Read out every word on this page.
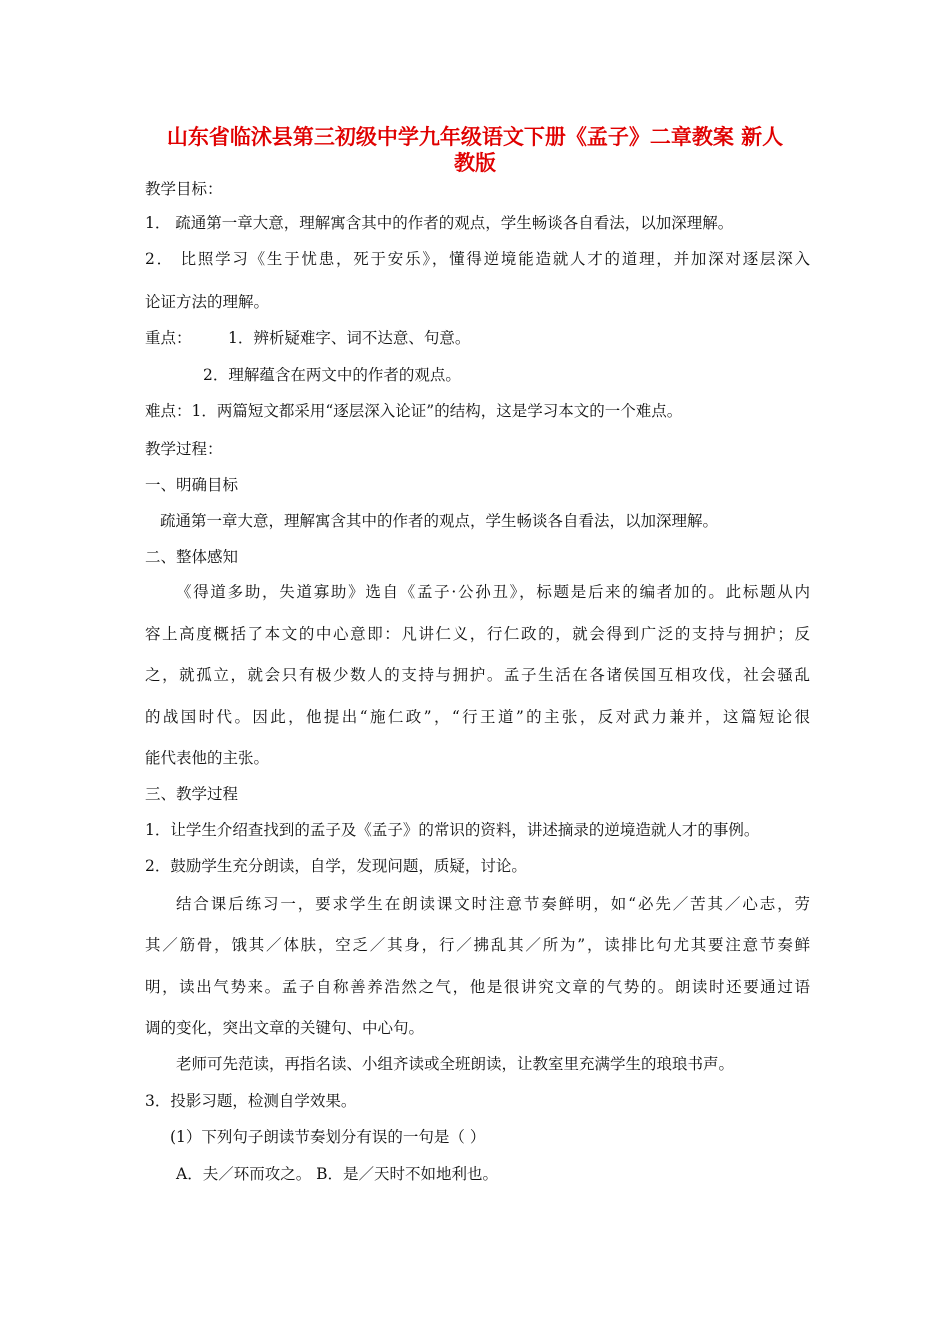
山东省临沭县第三初级中学九年级语文下册《孟子》二章教案 新人
教版
教学目标：
1． 疏通第一章大意，理解寓含其中的作者的观点，学生畅谈各自看法，以加深理解。
2． 比照学习《生于忧患，死于安乐》，懂得逆境能造就人才的道理，并加深对逐层深入
论证方法的理解。
重点：	1．辨析疑难字、词不达意、句意。
2．理解蕴含在两文中的作者的观点。
难点：1．两篇短文都采用“逐层深入论证”的结构，这是学习本文的一个难点。
教学过程：
一、明确目标
疏通第一章大意，理解寓含其中的作者的观点，学生畅谈各自看法，以加深理解。
二、整体感知
《得道多助，失道寡助》选自《孟子·公孙丑》，标题是后来的编者加的。此标题从内
容上高度概括了本文的中心意即：凡讲仁义，行仁政的，就会得到广泛的支持与拥护；反
之，就孤立，就会只有极少数人的支持与拥护。孟子生活在各诸侯国互相攻伐，社会骚乱
的战国时代。因此，他提出“施仁政”，“行王道”的主张，反对武力兼并，这篇短论很
能代表他的主张。
三、教学过程
1．让学生介绍查找到的孟子及《孟子》的常识的资料，讲述摘录的逆境造就人才的事例。
2．鼓励学生充分朗读，自学，发现问题，质疑，讨论。
结合课后练习一，要求学生在朗读课文时注意节奏鲜明，如“必先／苦其／心志，劳
其／筋骨，饿其／体肤，空乏／其身，行／拂乱其／所为”，读排比句尤其要注意节奏鲜
明，读出气势来。孟子自称善养浩然之气，他是很讲究文章的气势的。朗读时还要通过语
调的变化，突出文章的关键句、中心句。
老师可先范读，再指名读、小组齐读或全班朗读，让教室里充满学生的琅琅书声。
3．投影习题，检测自学效果。
(1）下列句子朗读节奏划分有误的一句是（ ）
A．夫／环而攻之。 B．是／天时不如地利也。
